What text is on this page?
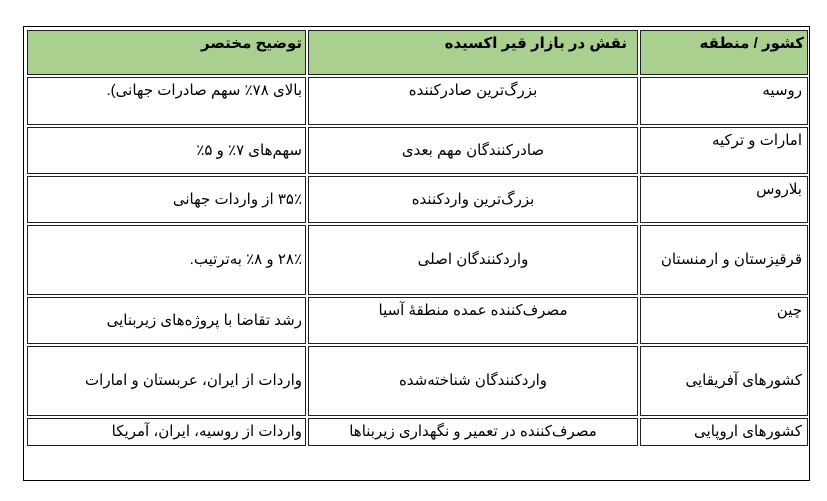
کشور / منطقه	نقش در بازار قیر اکسیده	توضیح مختصر
روسیه	بزرگ‌ترین صادرکننده	بالای ۷۸٪ سهم صادرات جهانی).
امارات و ترکیه	صادرکنندگان مهم بعدی	سهم‌های ۷٪ و ۵٪
بلاروس	بزرگ‌ترین واردکننده	۳۵٪ از واردات جهانی
قرقیزستان و ارمنستان	واردکنندگان اصلی	۲۸٪ و ۸٪ به‌ترتیب.
چین	مصرف‌کننده عمده منطقهٔ آسیا	رشد تقاضا با پروژه‌های زیربنایی
کشورهای آفریقایی	واردکنندگان شناخته‌شده	واردات از ایران، عربستان و امارات
کشورهای اروپایی	مصرف‌کننده در تعمیر و نگهداری زیربناها	واردات از روسیه، ایران، آمریکا
